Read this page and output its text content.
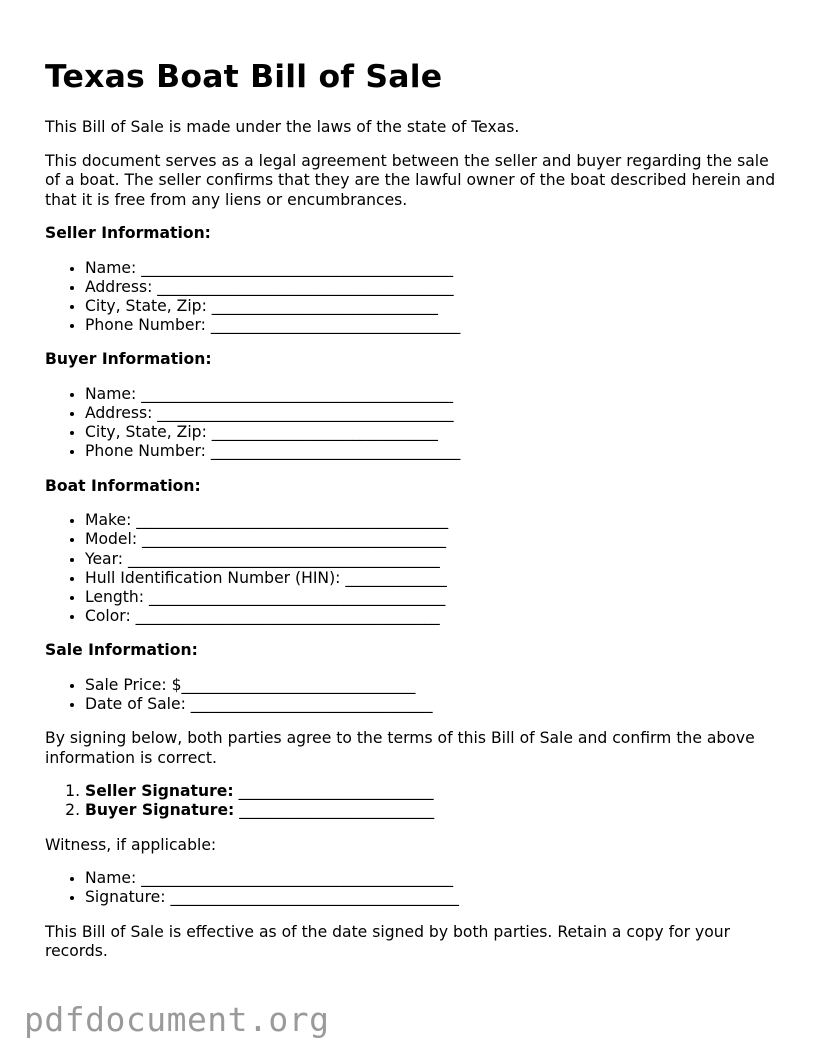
Texas Boat Bill of Sale

This Bill of Sale is made under the laws of the state of Texas.

This document serves as a legal agreement between the seller and buyer regarding the sale of a boat. The seller confirms that they are the lawful owner of the boat described herein and that it is free from any liens or encumbrances.

Seller Information:
• Name: ________________________________________
• Address: ______________________________________
• City, State, Zip: _____________________________
• Phone Number: ________________________________
Buyer Information:
• Name: ________________________________________
• Address: ______________________________________
• City, State, Zip: _____________________________
• Phone Number: ________________________________
Boat Information:
• Make: ________________________________________
• Model: _______________________________________
• Year: ________________________________________
• Hull Identification Number (HIN): _____________
• Length: ______________________________________
• Color: _______________________________________
Sale Information:
• Sale Price: $______________________________
• Date of Sale: _______________________________

By signing below, both parties agree to the terms of this Bill of Sale and confirm the above information is correct.

1. Seller Signature: _________________________
2. Buyer Signature: _________________________

Witness, if applicable:

• Name: ________________________________________
• Signature: _____________________________________

This Bill of Sale is effective as of the date signed by both parties. Retain a copy for your records.

pdfdocument.org
